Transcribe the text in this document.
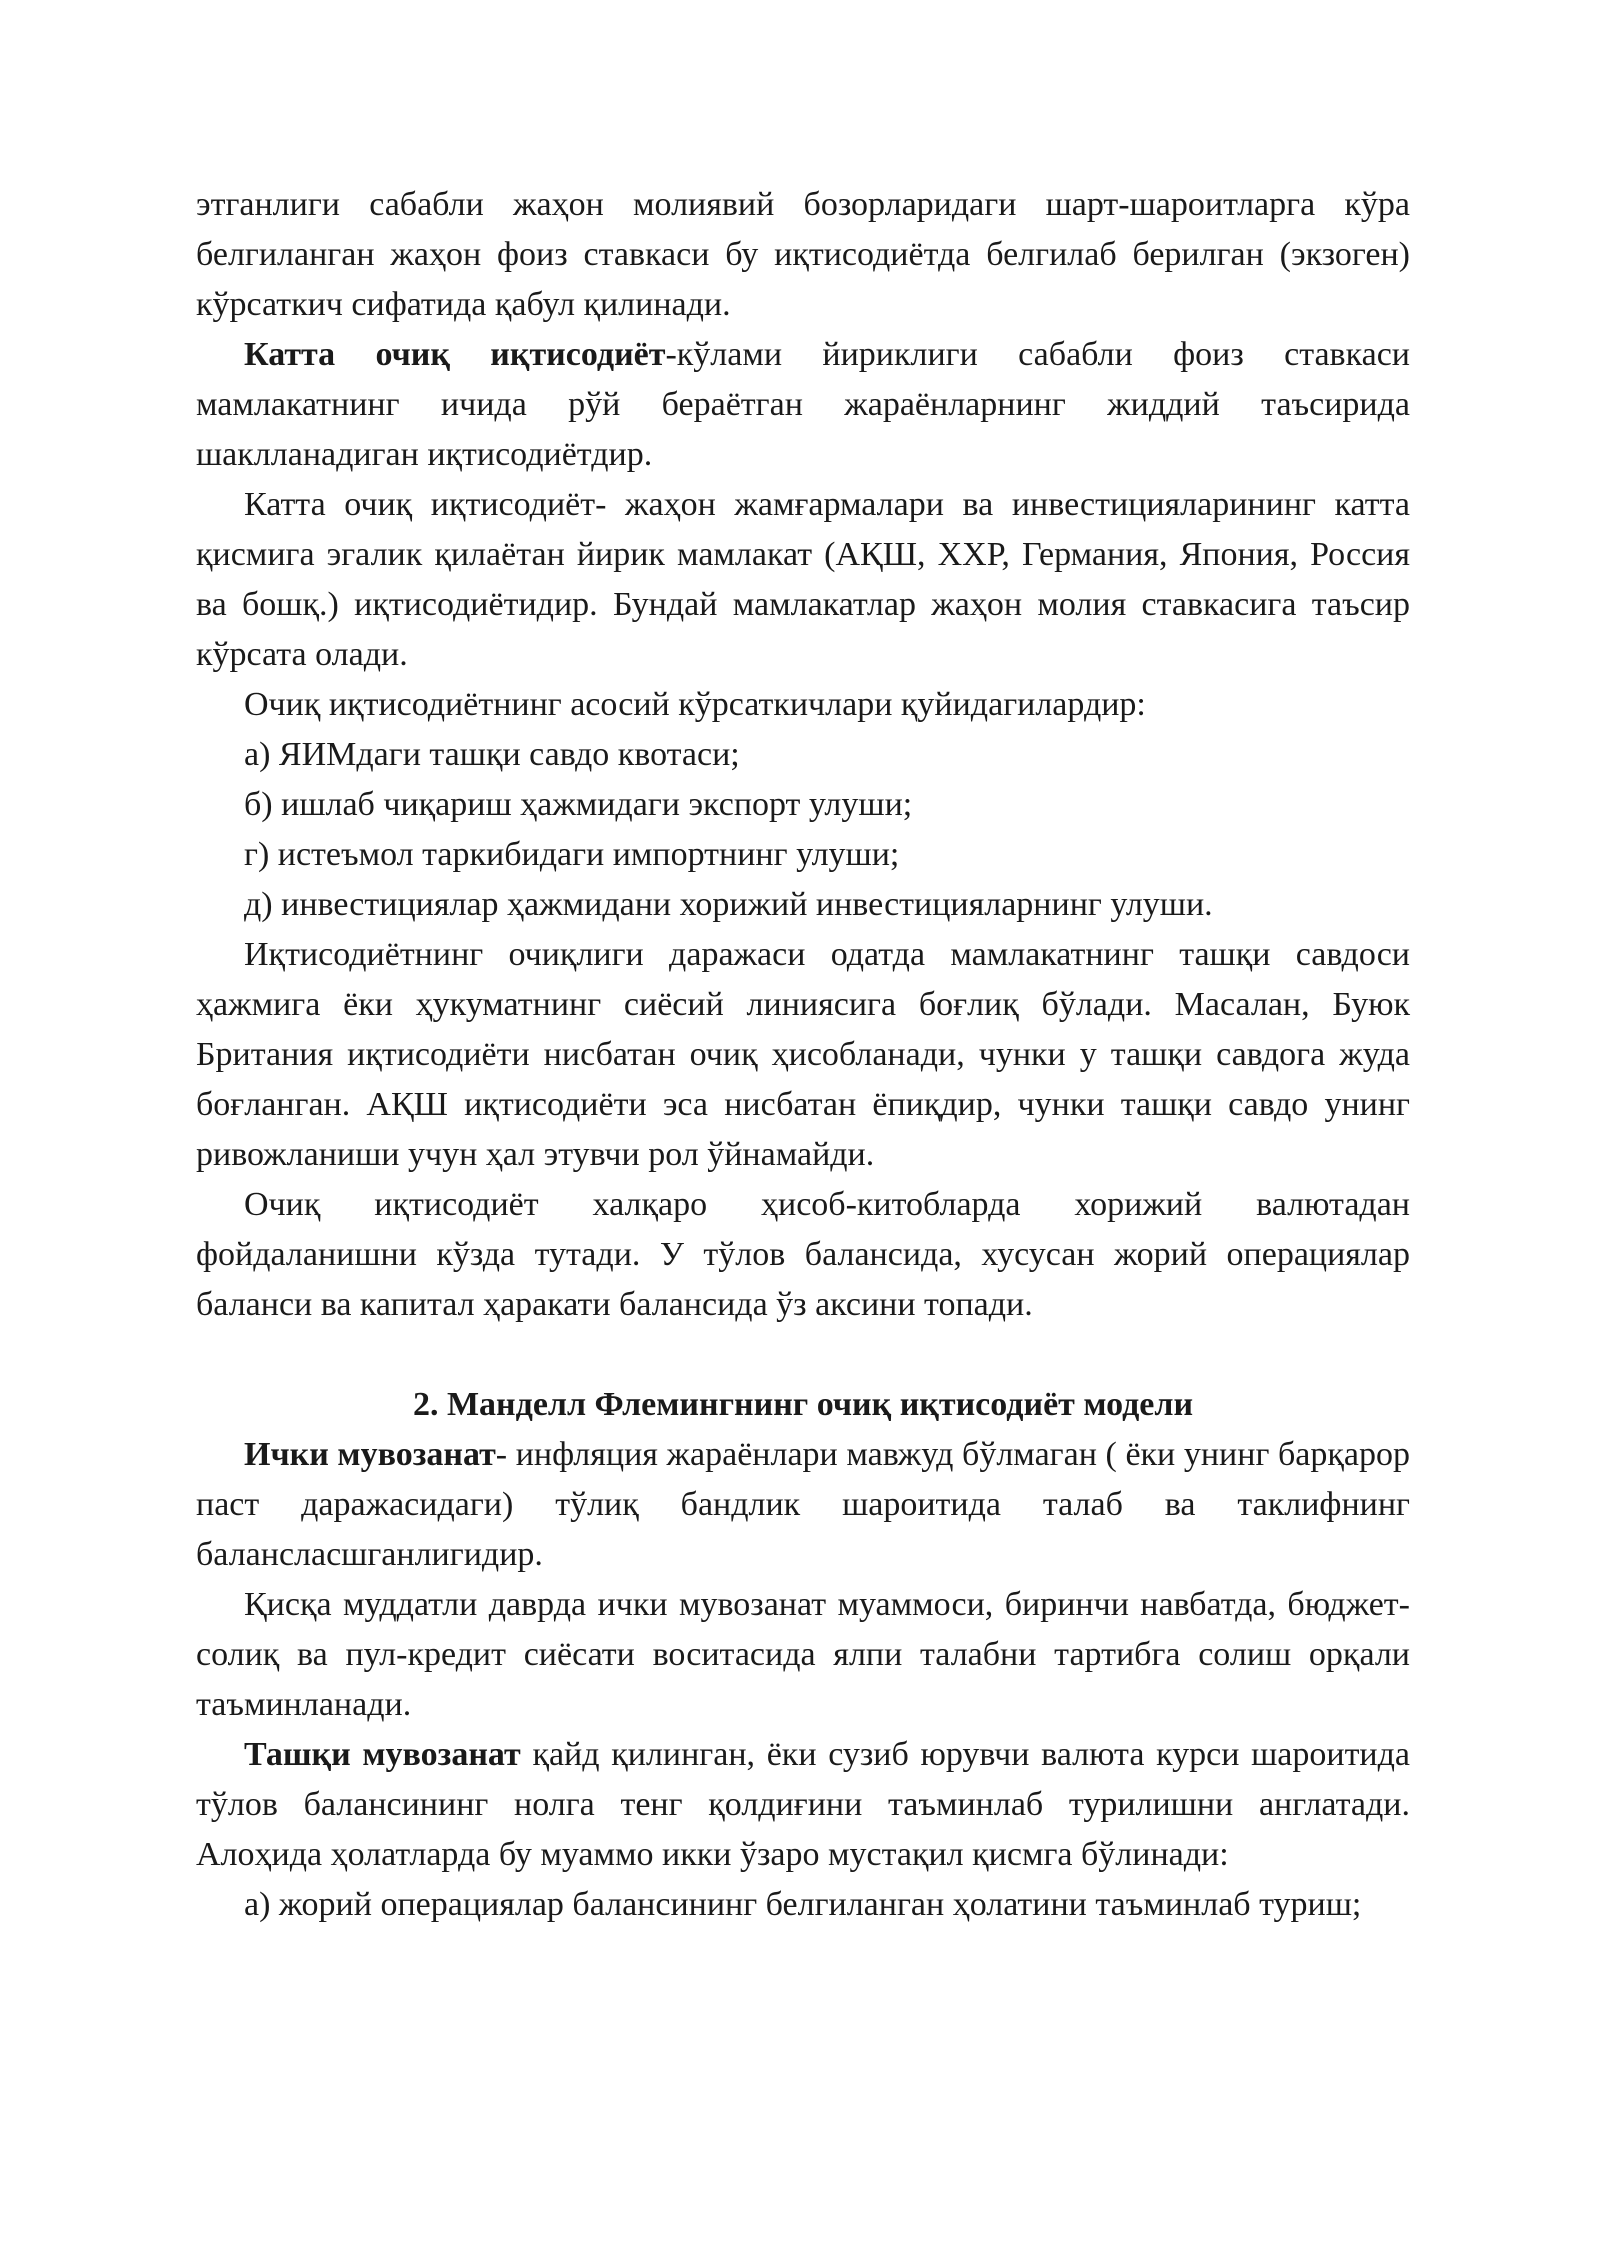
этганлиги сабабли жаҳон молиявий бозорларидаги шарт-шароитларга кўра белгиланган жаҳон фоиз ставкаси бу иқтисодиётда белгилаб берилган (экзоген) кўрсаткич сифатида қабул қилинади.

Катта очиқ иқтисодиёт-кўлами йириклиги сабабли фоиз ставкаси мамлакатнинг ичида рўй бераётган жараёнларнинг жиддий таъсирида шаклланадиган иқтисодиётдир.

Катта очиқ иқтисодиёт- жаҳон жамғармалари ва инвестицияларининг катта қисмига эгалик қилаётан йирик мамлакат (АҚШ, ХХР, Германия, Япония, Россия ва бошқ.) иқтисодиётидир. Бундай мамлакатлар жаҳон молия ставкасига таъсир кўрсата олади.

Очиқ иқтисодиётнинг асосий кўрсаткичлари қуйидагилардир:

а) ЯИМдаги ташқи савдо квотаси;

б) ишлаб чиқариш ҳажмидаги экспорт улуши;

г) истеъмол таркибидаги импортнинг улуши;

д) инвестициялар ҳажмидани хорижий инвестицияларнинг улуши.

Иқтисодиётнинг очиқлиги даражаси одатда мамлакатнинг ташқи савдоси ҳажмига ёки ҳукуматнинг сиёсий линиясига боғлиқ бўлади. Масалан, Буюк Британия иқтисодиёти нисбатан очиқ ҳисобланади, чунки у ташқи савдога жуда боғланган. АҚШ иқтисодиёти эса нисбатан ёпиқдир, чунки ташқи савдо унинг ривожланиши учун ҳал этувчи рол ўйнамайди.

Очиқ иқтисодиёт халқаро ҳисоб-китобларда хорижий валютадан фойдаланишни кўзда тутади. У тўлов балансида, хусусан жорий операциялар баланси ва капитал ҳаракати балансида ўз аксини топади.

2. Манделл Флемингнинг очиқ иқтисодиёт модели

Ички мувозанат- инфляция жараёнлари мавжуд бўлмаган ( ёки унинг барқарор паст даражасидаги) тўлиқ бандлик шароитида талаб ва таклифнинг балансласшганлигидир.

Қисқа муддатли даврда ички мувозанат муаммоси, биринчи навбатда, бюджет-солиқ ва пул-кредит сиёсати воситасида ялпи талабни тартибга солиш орқали таъминланади.

Ташқи мувозанат қайд қилинган, ёки сузиб юрувчи валюта курси шароитида тўлов балансининг нолга тенг қолдиғини таъминлаб турилишни англатади. Алоҳида ҳолатларда бу муаммо икки ўзаро мустақил қисмга бўлинади:

а) жорий операциялар балансининг белгиланган ҳолатини таъминлаб туриш;
